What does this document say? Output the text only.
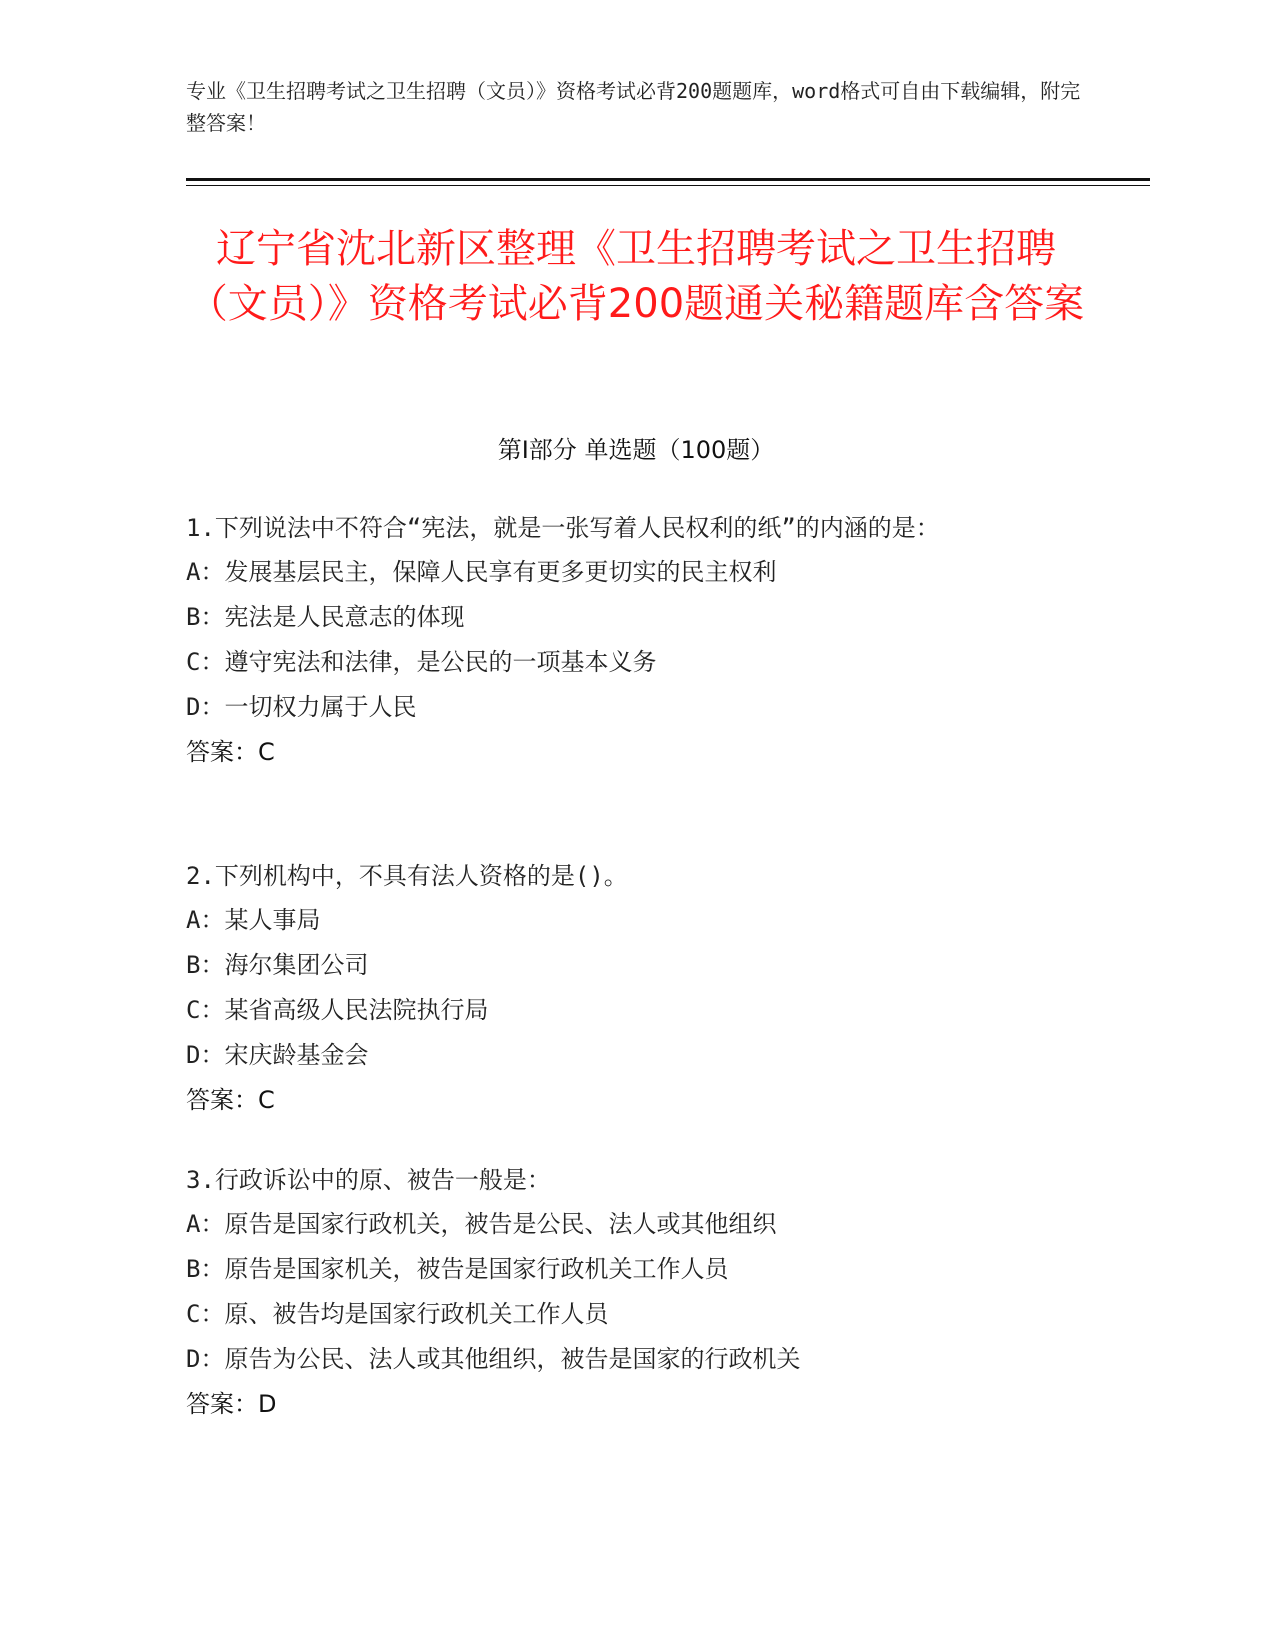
专业《卫生招聘考试之卫生招聘（文员）》资格考试必背200题题库，word格式可自由下载编辑，附完整答案！
辽宁省沈北新区整理《卫生招聘考试之卫生招聘（文员）》资格考试必背200题通关秘籍题库含答案
第Ⅰ部分 单选题（100题）
1.下列说法中不符合“宪法，就是一张写着人民权利的纸”的内涵的是：
A：发展基层民主，保障人民享有更多更切实的民主权利
B：宪法是人民意志的体现
C：遵守宪法和法律，是公民的一项基本义务
D：一切权力属于人民
答案：C
2.下列机构中，不具有法人资格的是()。
A：某人事局
B：海尔集团公司
C：某省高级人民法院执行局
D：宋庆龄基金会
答案：C
3.行政诉讼中的原、被告一般是：
A：原告是国家行政机关，被告是公民、法人或其他组织
B：原告是国家机关，被告是国家行政机关工作人员
C：原、被告均是国家行政机关工作人员
D：原告为公民、法人或其他组织，被告是国家的行政机关
答案：D
